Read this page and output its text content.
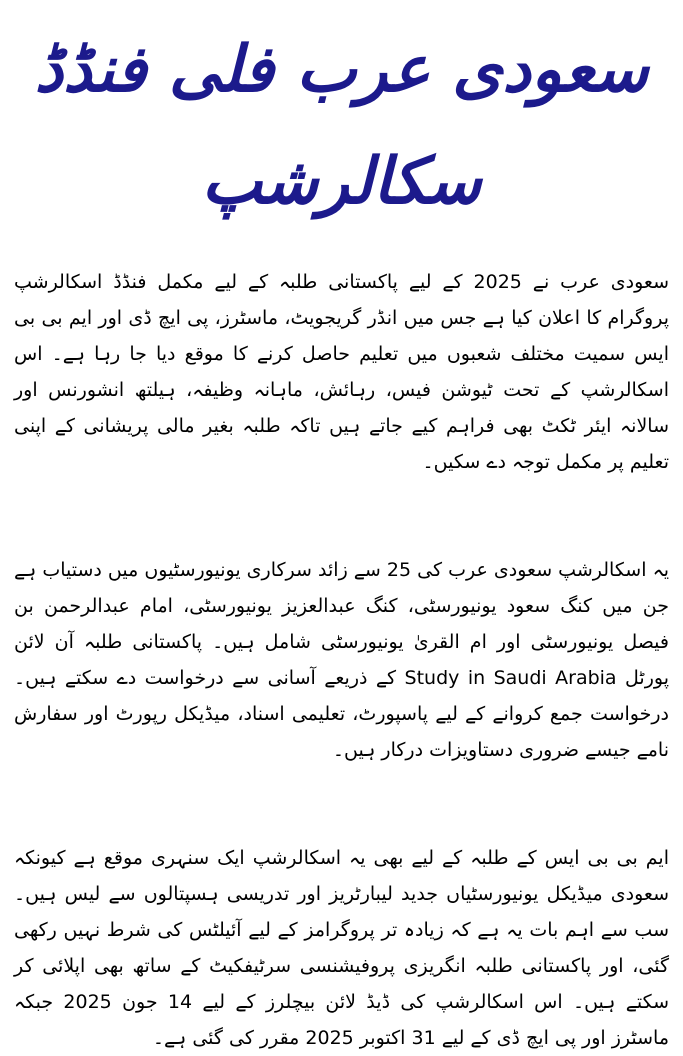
سعودی عرب فلی فنڈڈ
سکالرشپ

سعودی عرب نے 2025 کے لیے پاکستانی طلبہ کے لیے مکمل فنڈڈ اسکالرشپ پروگرام کا اعلان کیا ہے جس میں انڈر گریجویٹ، ماسٹرز، پی ایچ ڈی اور ایم بی بی ایس سمیت مختلف شعبوں میں تعلیم حاصل کرنے کا موقع دیا جا رہا ہے۔ اس اسکالرشپ کے تحت ٹیوشن فیس، رہائش، ماہانہ وظیفہ، ہیلتھ انشورنس اور سالانہ ایئر ٹکٹ بھی فراہم کیے جاتے ہیں تاکہ طلبہ بغیر مالی پریشانی کے اپنی تعلیم پر مکمل توجہ دے سکیں۔

یہ اسکالرشپ سعودی عرب کی 25 سے زائد سرکاری یونیورسٹیوں میں دستیاب ہے جن میں کنگ سعود یونیورسٹی، کنگ عبدالعزیز یونیورسٹی، امام عبدالرحمن بن فیصل یونیورسٹی اور ام القریٰ یونیورسٹی شامل ہیں۔ پاکستانی طلبہ آن لائن پورٹل Study in Saudi Arabia کے ذریعے آسانی سے درخواست دے سکتے ہیں۔ درخواست جمع کروانے کے لیے پاسپورٹ، تعلیمی اسناد، میڈیکل رپورٹ اور سفارش نامے جیسے ضروری دستاویزات درکار ہیں۔

ایم بی بی ایس کے طلبہ کے لیے بھی یہ اسکالرشپ ایک سنہری موقع ہے کیونکہ سعودی میڈیکل یونیورسٹیاں جدید لیبارٹریز اور تدریسی ہسپتالوں سے لیس ہیں۔ سب سے اہم بات یہ ہے کہ زیادہ تر پروگرامز کے لیے آئیلٹس کی شرط نہیں رکھی گئی، اور پاکستانی طلبہ انگریزی پروفیشنسی سرٹیفکیٹ کے ساتھ بھی اپلائی کر سکتے ہیں۔ اس اسکالرشپ کی ڈیڈ لائن بیچلرز کے لیے 14 جون 2025 جبکہ ماسٹرز اور پی ایچ ڈی کے لیے 31 اکتوبر 2025 مقرر کی گئی ہے۔
